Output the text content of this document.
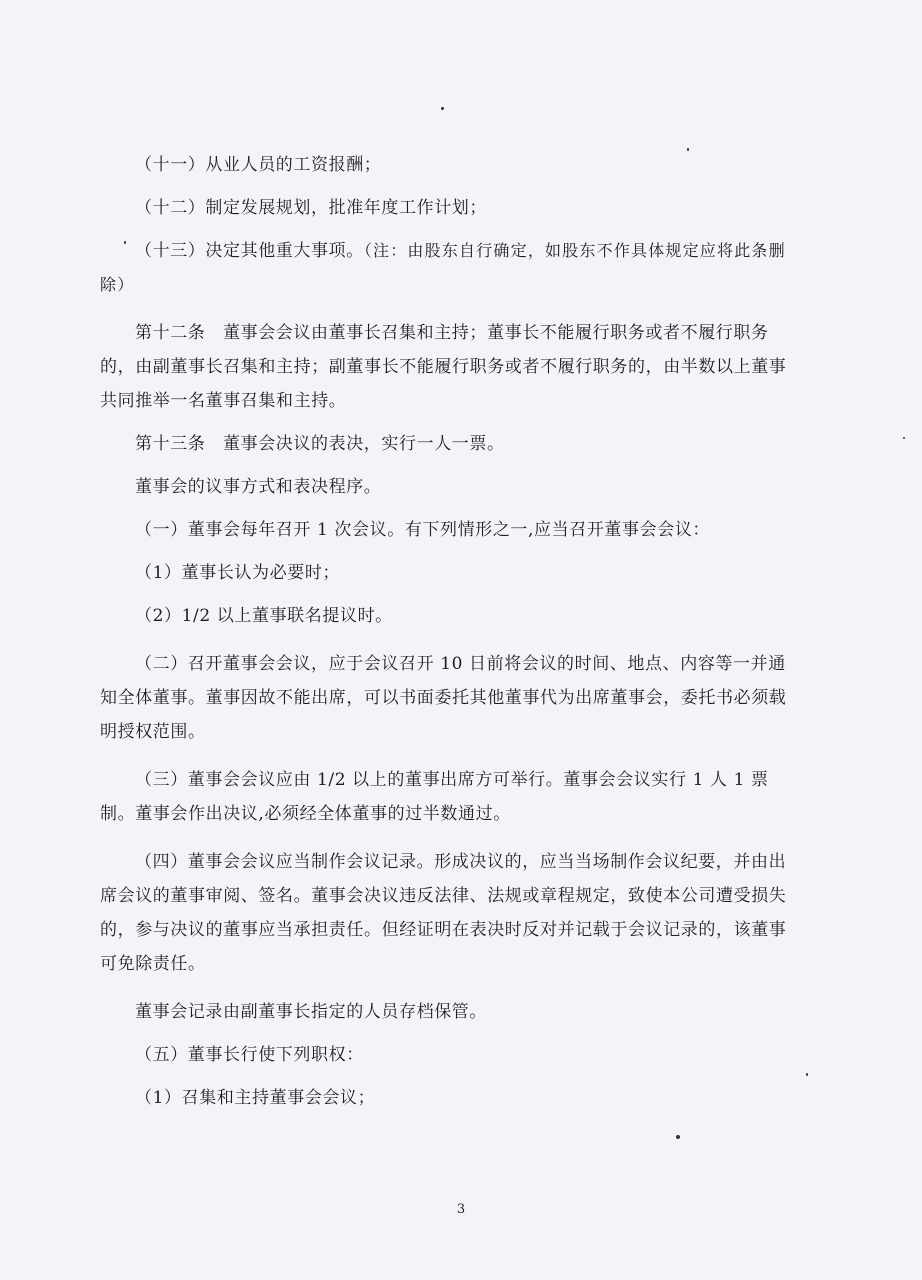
（十一）从业人员的工资报酬；

（十二）制定发展规划，批准年度工作计划；

（十三）决定其他重大事项。（注：由股东自行确定，如股东不作具体规定应将此条删除）

第十二条　董事会会议由董事长召集和主持；董事长不能履行职务或者不履行职务的，由副董事长召集和主持；副董事长不能履行职务或者不履行职务的，由半数以上董事共同推举一名董事召集和主持。

第十三条　董事会决议的表决，实行一人一票。

董事会的议事方式和表决程序。

（一）董事会每年召开 1 次会议。有下列情形之一,应当召开董事会会议：

（1）董事长认为必要时；

（2）1/2 以上董事联名提议时。

（二）召开董事会会议，应于会议召开 10 日前将会议的时间、地点、内容等一并通知全体董事。董事因故不能出席，可以书面委托其他董事代为出席董事会，委托书必须载明授权范围。

（三）董事会会议应由 1/2 以上的董事出席方可举行。董事会会议实行 1 人 1 票制。董事会作出决议,必须经全体董事的过半数通过。

（四）董事会会议应当制作会议记录。形成决议的，应当当场制作会议纪要，并由出席会议的董事审阅、签名。董事会决议违反法律、法规或章程规定，致使本公司遭受损失的，参与决议的董事应当承担责任。但经证明在表决时反对并记载于会议记录的，该董事可免除责任。

董事会记录由副董事长指定的人员存档保管。

（五）董事长行使下列职权：

（1）召集和主持董事会会议；

3
